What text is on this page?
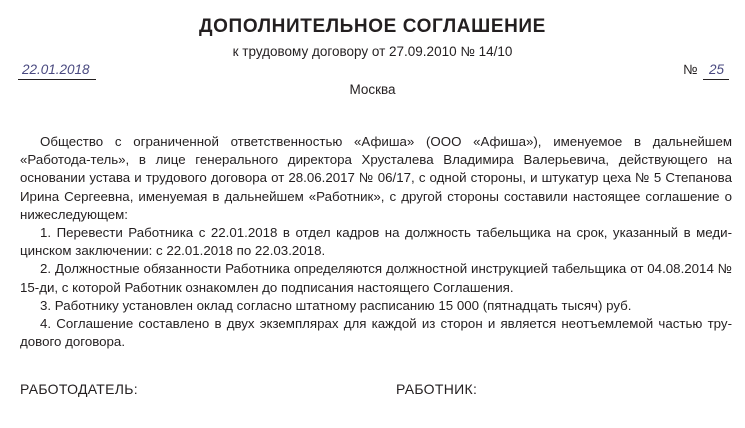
ДОПОЛНИТЕЛЬНОЕ СОГЛАШЕНИЕ
к трудовому договору от 27.09.2010 № 14/10
22.01.2018	№ 25
Москва

Общество с ограниченной ответственностью «Афиша» (ООО «Афиша»), именуемое в дальнейшем «Работода-тель», в лице генерального директора Хрусталева Владимира Валерьевича, действующего на основании устава и трудового договора от 28.06.2017 № 06/17, с одной стороны, и штукатур цеха № 5 Степанова Ирина Сергеевна, именуемая в дальнейшем «Работник», с другой стороны составили настоящее соглашение о нижеследующем:

1. Перевести Работника с 22.01.2018 в отдел кадров на должность табельщика на срок, указанный в меди-цинском заключении: с 22.01.2018 по 22.03.2018.

2. Должностные обязанности Работника определяются должностной инструкцией табельщика от 04.08.2014 № 15-ди, с которой Работник ознакомлен до подписания настоящего Соглашения.

3. Работнику установлен оклад согласно штатному расписанию 15 000 (пятнадцать тысяч) руб.

4. Соглашение составлено в двух экземплярах для каждой из сторон и является неотъемлемой частью тру-дового договора.

РАБОТОДАТЕЛЬ:	РАБОТНИК:
